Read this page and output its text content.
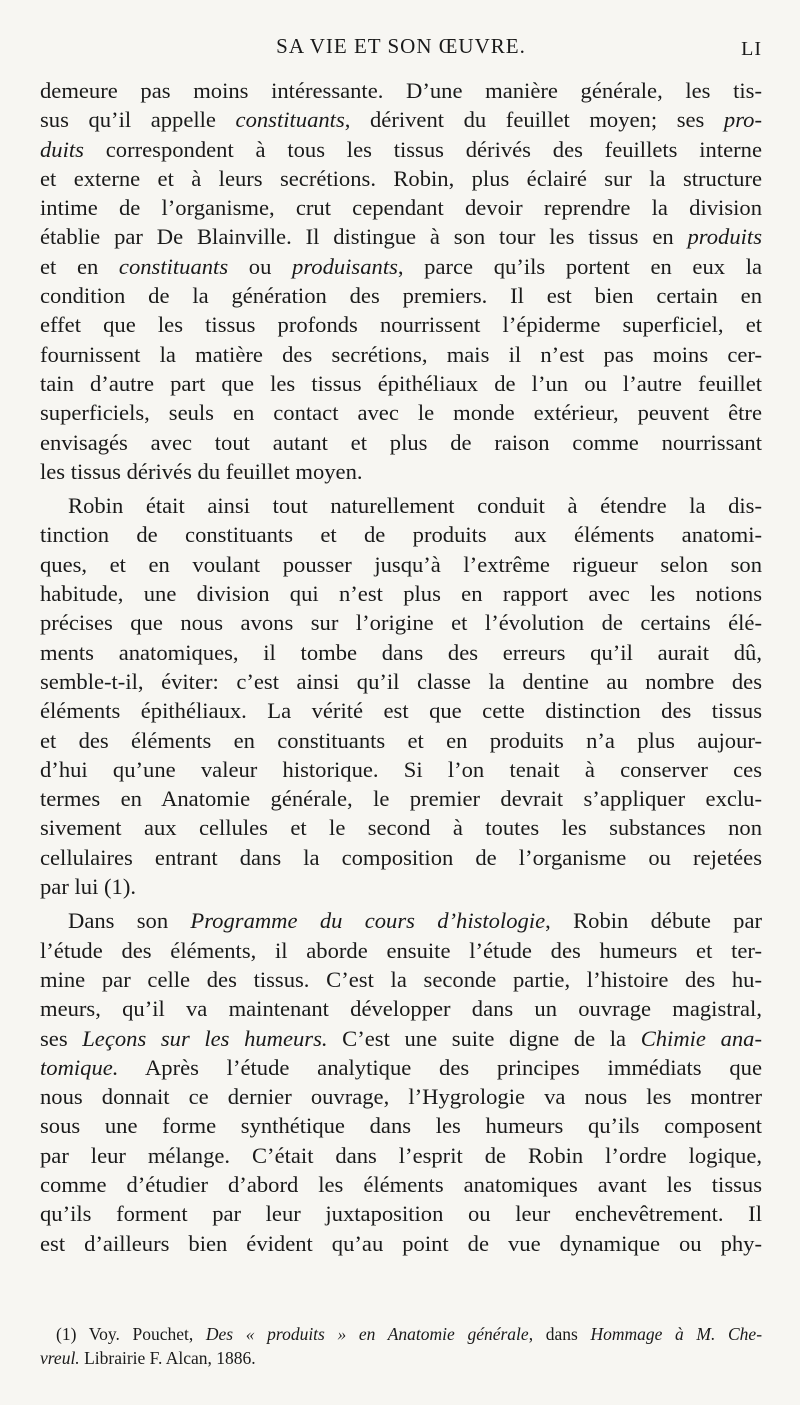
SA VIE ET SON ŒUVRE.	LI
demeure pas moins intéressante. D’une manière générale, les tis-
sus qu’il appelle constituants, dérivent du feuillet moyen; ses pro-
duits correspondent à tous les tissus dérivés des feuillets interne
et externe et à leurs secrétions. Robin, plus éclairé sur la structure
intime de l’organisme, crut cependant devoir reprendre la division
établie par De Blainville. Il distingue à son tour les tissus en produits
et en constituants ou produisants, parce qu’ils portent en eux la
condition de la génération des premiers. Il est bien certain en
effet que les tissus profonds nourrissent l’épiderme superficiel, et
fournissent la matière des secrétions, mais il n’est pas moins cer-
tain d’autre part que les tissus épithéliaux de l’un ou l’autre feuillet
superficiels, seuls en contact avec le monde extérieur, peuvent être
envisagés avec tout autant et plus de raison comme nourrissant
les tissus dérivés du feuillet moyen.
Robin était ainsi tout naturellement conduit à étendre la dis-
tinction de constituants et de produits aux éléments anatomi-
ques, et en voulant pousser jusqu’à l’extrême rigueur selon son
habitude, une division qui n’est plus en rapport avec les notions
précises que nous avons sur l’origine et l’évolution de certains élé-
ments anatomiques, il tombe dans des erreurs qu’il aurait dû,
semble-t-il, éviter: c’est ainsi qu’il classe la dentine au nombre des
éléments épithéliaux. La vérité est que cette distinction des tissus
et des éléments en constituants et en produits n’a plus aujour-
d’hui qu’une valeur historique. Si l’on tenait à conserver ces
termes en Anatomie générale, le premier devrait s’appliquer exclu-
sivement aux cellules et le second à toutes les substances non
cellulaires entrant dans la composition de l’organisme ou rejetées
par lui (1).
Dans son Programme du cours d’histologie, Robin débute par
l’étude des éléments, il aborde ensuite l’étude des humeurs et ter-
mine par celle des tissus. C’est la seconde partie, l’histoire des hu-
meurs, qu’il va maintenant développer dans un ouvrage magistral,
ses Leçons sur les humeurs. C’est une suite digne de la Chimie ana-
tomique. Après l’étude analytique des principes immédiats que
nous donnait ce dernier ouvrage, l’Hygrologie va nous les montrer
sous une forme synthétique dans les humeurs qu’ils composent
par leur mélange. C’était dans l’esprit de Robin l’ordre logique,
comme d’étudier d’abord les éléments anatomiques avant les tissus
qu’ils forment par leur juxtaposition ou leur enchevêtrement. Il
est d’ailleurs bien évident qu’au point de vue dynamique ou phy-
(1) Voy. Pouchet, Des « produits » en Anatomie générale, dans Hommage à M. Che-
vreul. Librairie F. Alcan, 1886.
